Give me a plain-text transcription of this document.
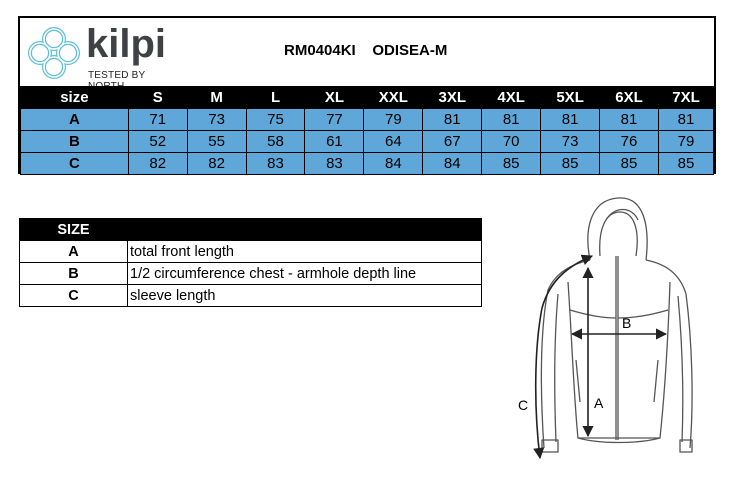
kilpi
TESTED BY
RM0404KI ODISEA-M
size	S	M	L	XL	XXL	3XL	4XL	5XL	6XL	7XL
A	71	73	75	77	79	81	81	81	81	81
B	52	55	58	61	64	67	70	73	76	79
C	82	82	83	83	84	84	85	85	85	85
SIZE	
A	total front length
B	1/2 circumference chest - armhole depth line
C	sleeve length
C	A
B
